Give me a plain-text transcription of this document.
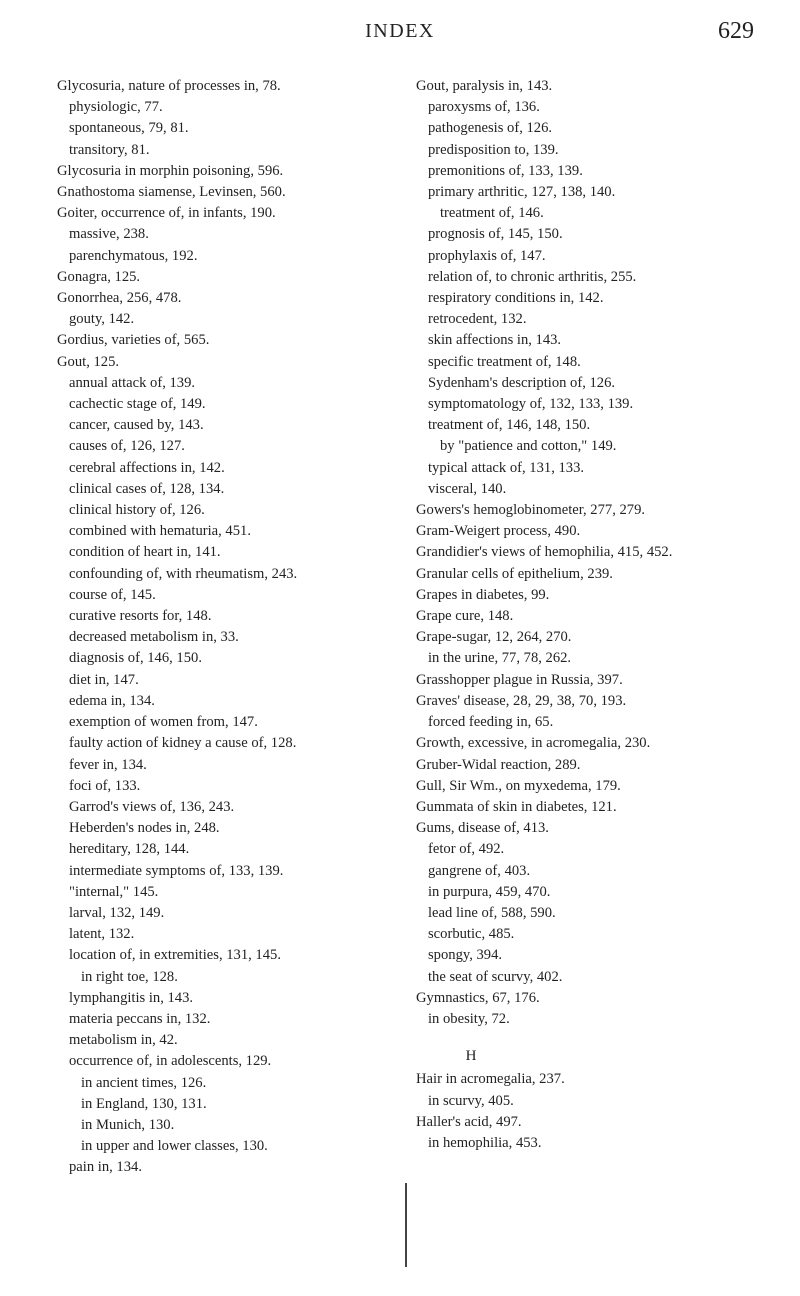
INDEX	629
Glycosuria, nature of processes in, 78.
physiologic, 77.
spontaneous, 79, 81.
transitory, 81.
Glycosuria in morphin poisoning, 596.
Gnathostoma siamense, Levinsen, 560.
Goiter, occurrence of, in infants, 190.
massive, 238.
parenchymatous, 192.
Gonagra, 125.
Gonorrhea, 256, 478.
gouty, 142.
Gordius, varieties of, 565.
Gout, 125.
annual attack of, 139.
cachectic stage of, 149.
cancer, caused by, 143.
causes of, 126, 127.
cerebral affections in, 142.
clinical cases of, 128, 134.
clinical history of, 126.
combined with hematuria, 451.
condition of heart in, 141.
confounding of, with rheumatism, 243.
course of, 145.
curative resorts for, 148.
decreased metabolism in, 33.
diagnosis of, 146, 150.
diet in, 147.
edema in, 134.
exemption of women from, 147.
faulty action of kidney a cause of, 128.
fever in, 134.
foci of, 133.
Garrod's views of, 136, 243.
Heberden's nodes in, 248.
hereditary, 128, 144.
intermediate symptoms of, 133, 139.
"internal," 145.
larval, 132, 149.
latent, 132.
location of, in extremities, 131, 145.
in right toe, 128.
lymphangitis in, 143.
materia peccans in, 132.
metabolism in, 42.
occurrence of, in adolescents, 129.
in ancient times, 126.
in England, 130, 131.
in Munich, 130.
in upper and lower classes, 130.
pain in, 134.
Gout, paralysis in, 143.
paroxysms of, 136.
pathogenesis of, 126.
predisposition to, 139.
premonitions of, 133, 139.
primary arthritic, 127, 138, 140.
treatment of, 146.
prognosis of, 145, 150.
prophylaxis of, 147.
relation of, to chronic arthritis, 255.
respiratory conditions in, 142.
retrocedent, 132.
skin affections in, 143.
specific treatment of, 148.
Sydenham's description of, 126.
symptomatology of, 132, 133, 139.
treatment of, 146, 148, 150.
by "patience and cotton," 149.
typical attack of, 131, 133.
visceral, 140.
Gowers's hemoglobinometer, 277, 279.
Gram-Weigert process, 490.
Grandidier's views of hemophilia, 415, 452.
Granular cells of epithelium, 239.
Grapes in diabetes, 99.
Grape cure, 148.
Grape-sugar, 12, 264, 270.
in the urine, 77, 78, 262.
Grasshopper plague in Russia, 397.
Graves' disease, 28, 29, 38, 70, 193.
forced feeding in, 65.
Growth, excessive, in acromegalia, 230.
Gruber-Widal reaction, 289.
Gull, Sir Wm., on myxedema, 179.
Gummata of skin in diabetes, 121.
Gums, disease of, 413.
fetor of, 492.
gangrene of, 403.
in purpura, 459, 470.
lead line of, 588, 590.
scorbutic, 485.
spongy, 394.
the seat of scurvy, 402.
Gymnastics, 67, 176.
in obesity, 72.
H
Hair in acromegalia, 237.
in scurvy, 405.
Haller's acid, 497.
in hemophilia, 453.
